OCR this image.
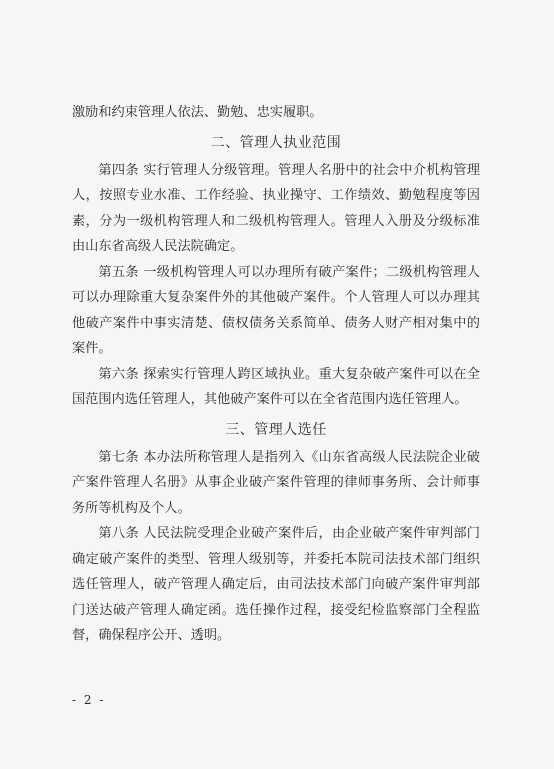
激励和约束管理人依法、勤勉、忠实履职。

二、管理人执业范围

第四条 实行管理人分级管理。管理人名册中的社会中介机构管理人，按照专业水准、工作经验、执业操守、工作绩效、勤勉程度等因素，分为一级机构管理人和二级机构管理人。管理人入册及分级标准由山东省高级人民法院确定。

第五条 一级机构管理人可以办理所有破产案件；二级机构管理人可以办理除重大复杂案件外的其他破产案件。个人管理人可以办理其他破产案件中事实清楚、债权债务关系简单、债务人财产相对集中的案件。

第六条 探索实行管理人跨区域执业。重大复杂破产案件可以在全国范围内选任管理人，其他破产案件可以在全省范围内选任管理人。

三、管理人选任

第七条 本办法所称管理人是指列入《山东省高级人民法院企业破产案件管理人名册》从事企业破产案件管理的律师事务所、会计师事务所等机构及个人。

第八条 人民法院受理企业破产案件后，由企业破产案件审判部门确定破产案件的类型、管理人级别等，并委托本院司法技术部门组织选任管理人，破产管理人确定后，由司法技术部门向破产案件审判部门送达破产管理人确定函。选任操作过程，接受纪检监察部门全程监督，确保程序公开、透明。

- 2 -
